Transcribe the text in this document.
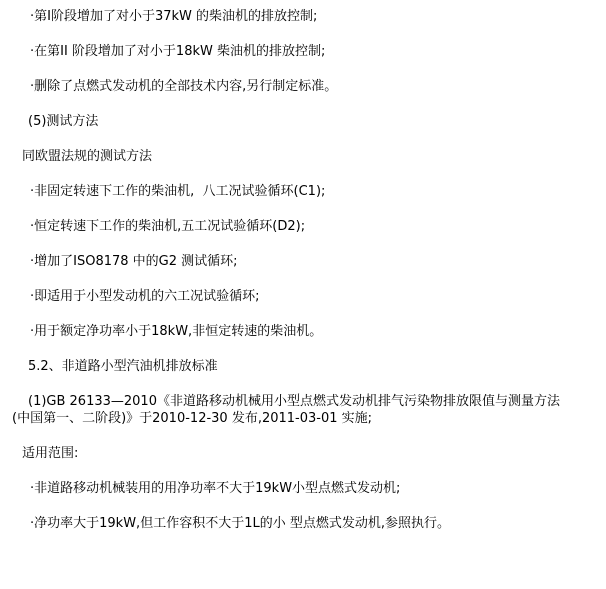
·第I阶段增加了对小于37kW 的柴油机的排放控制;

·在第II 阶段增加了对小于18kW 柴油机的排放控制;

·删除了点燃式发动机的全部技术内容,另行制定标准。

(5)测试方法

同欧盟法规的测试方法

·非固定转速下工作的柴油机,  八工况试验循环(C1);

·恒定转速下工作的柴油机,五工况试验循环(D2);

·增加了ISO8178 中的G2 测试循环;

·即适用于小型发动机的六工况试验循环;

·用于额定净功率小于18kW,非恒定转速的柴油机。

5.2、非道路小型汽油机排放标准

(1)GB 26133—2010《非道路移动机械用小型点燃式发动机排气污染物排放限值与测量方法

(中国第一、二阶段)》于2010-12-30 发布,2011-03-01 实施;

适用范围:

·非道路移动机械装用的用净功率不大于19kW小型点燃式发动机;

·净功率大于19kW,但工作容积不大于1L的小 型点燃式发动机,参照执行。
